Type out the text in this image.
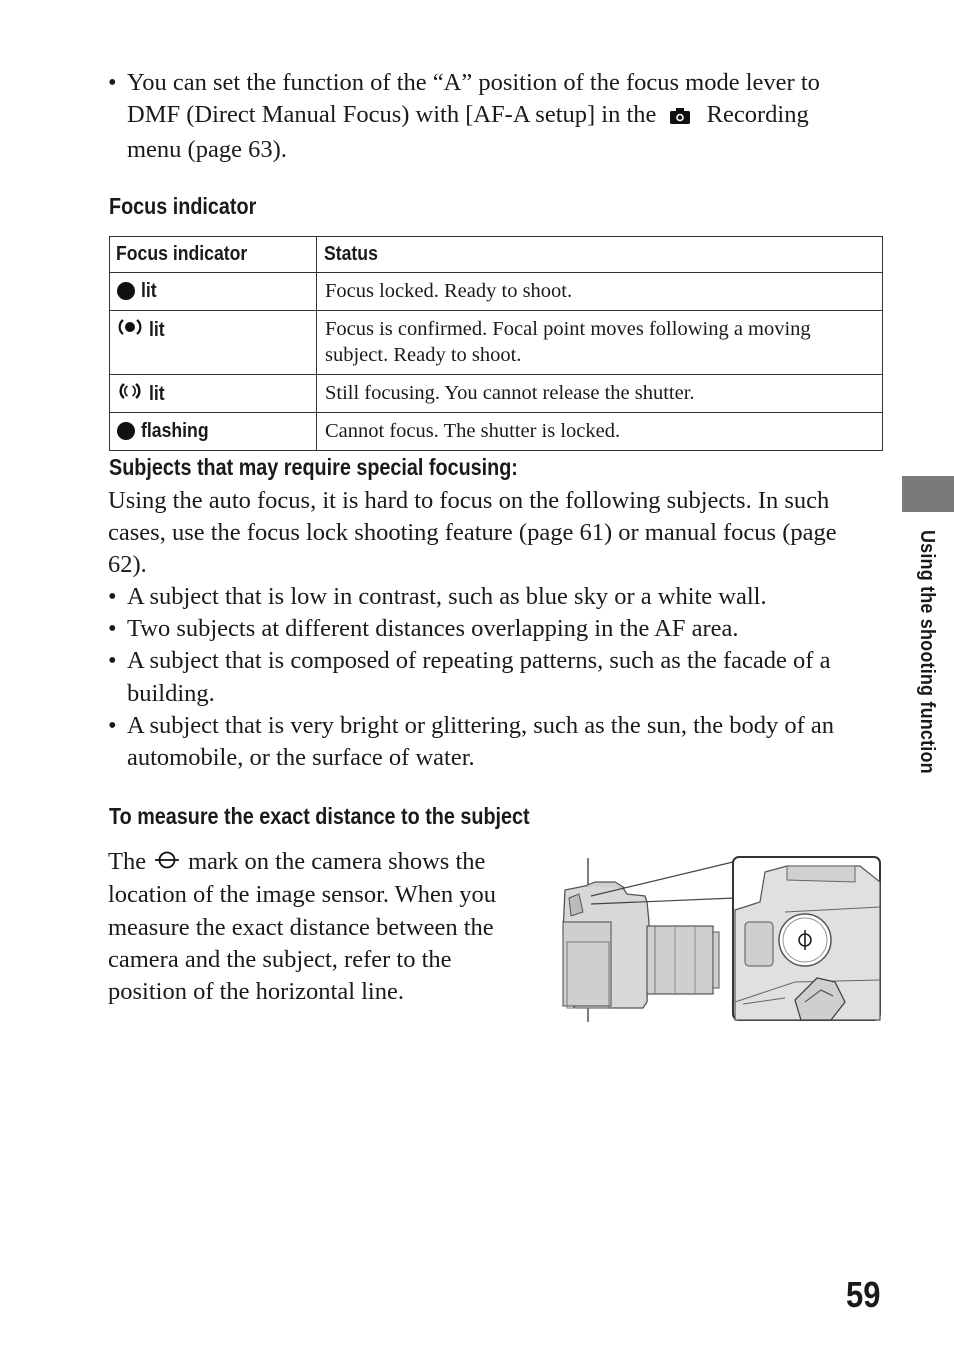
• You can set the function of the “A” position of the focus mode lever to DMF (Direct Manual Focus) with [AF-A setup] in the Recording menu (page 63).
Focus indicator
Focus indicator	Status

lit	Focus locked. Ready to shoot.

lit	Focus is confirmed. Focal point moves following a moving subject. Ready to shoot.

lit	Still focusing. You cannot release the shutter.

flashing	Cannot focus. The shutter is locked.
Subjects that may require special focusing:
Using the auto focus, it is hard to focus on the following subjects. In such cases, use the focus lock shooting feature (page 61) or manual focus (page 62).
• A subject that is low in contrast, such as blue sky or a white wall.
• Two subjects at different distances overlapping in the AF area.
• A subject that is composed of repeating patterns, such as the facade of a building.
• A subject that is very bright or glittering, such as the sun, the body of an automobile, or the surface of water.
To measure the exact distance to the subject
The mark on the camera shows the location of the image sensor. When you measure the exact distance between the camera and the subject, refer to the position of the horizontal line.
Using the shooting function
59
